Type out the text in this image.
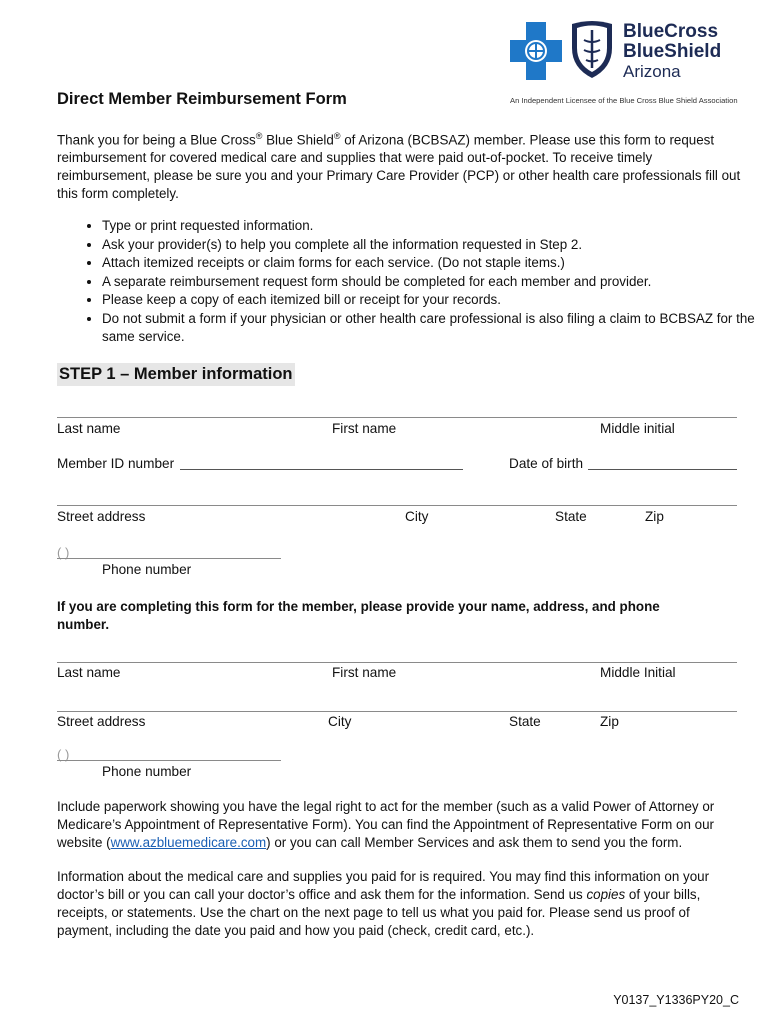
BlueCross
BlueShield
Arizona
An Independent Licensee of the Blue Cross Blue Shield Association
Direct Member Reimbursement Form
Thank you for being a Blue Cross® Blue Shield® of Arizona (BCBSAZ) member. Please use this form to request reimbursement for covered medical care and supplies that were paid out-of-pocket. To receive timely reimbursement, please be sure you and your Primary Care Provider (PCP) or other health care professionals fill out this form completely.
• Type or print requested information.
• Ask your provider(s) to help you complete all the information requested in Step 2.
• Attach itemized receipts or claim forms for each service. (Do not staple items.)
• A separate reimbursement request form should be completed for each member and provider.
• Please keep a copy of each itemized bill or receipt for your records.
• Do not submit a form if your physician or other health care professional is also filing a claim to BCBSAZ for the same service.
STEP 1 – Member information
Last name	First name	Middle initial
Member ID number	Date of birth
Street address	City	State	Zip
( )
Phone number
If you are completing this form for the member, please provide your name, address, and phone number.
Last name	First name	Middle Initial
Street address	City	State	Zip
( )
Phone number
Include paperwork showing you have the legal right to act for the member (such as a valid Power of Attorney or Medicare’s Appointment of Representative Form). You can find the Appointment of Representative Form on our website (www.azbluemedicare.com) or you can call Member Services and ask them to send you the form.
Information about the medical care and supplies you paid for is required. You may find this information on your doctor’s bill or you can call your doctor’s office and ask them for the information. Send us copies of your bills, receipts, or statements. Use the chart on the next page to tell us what you paid for. Please send us proof of payment, including the date you paid and how you paid (check, credit card, etc.).
Y0137_Y1336PY20_C
